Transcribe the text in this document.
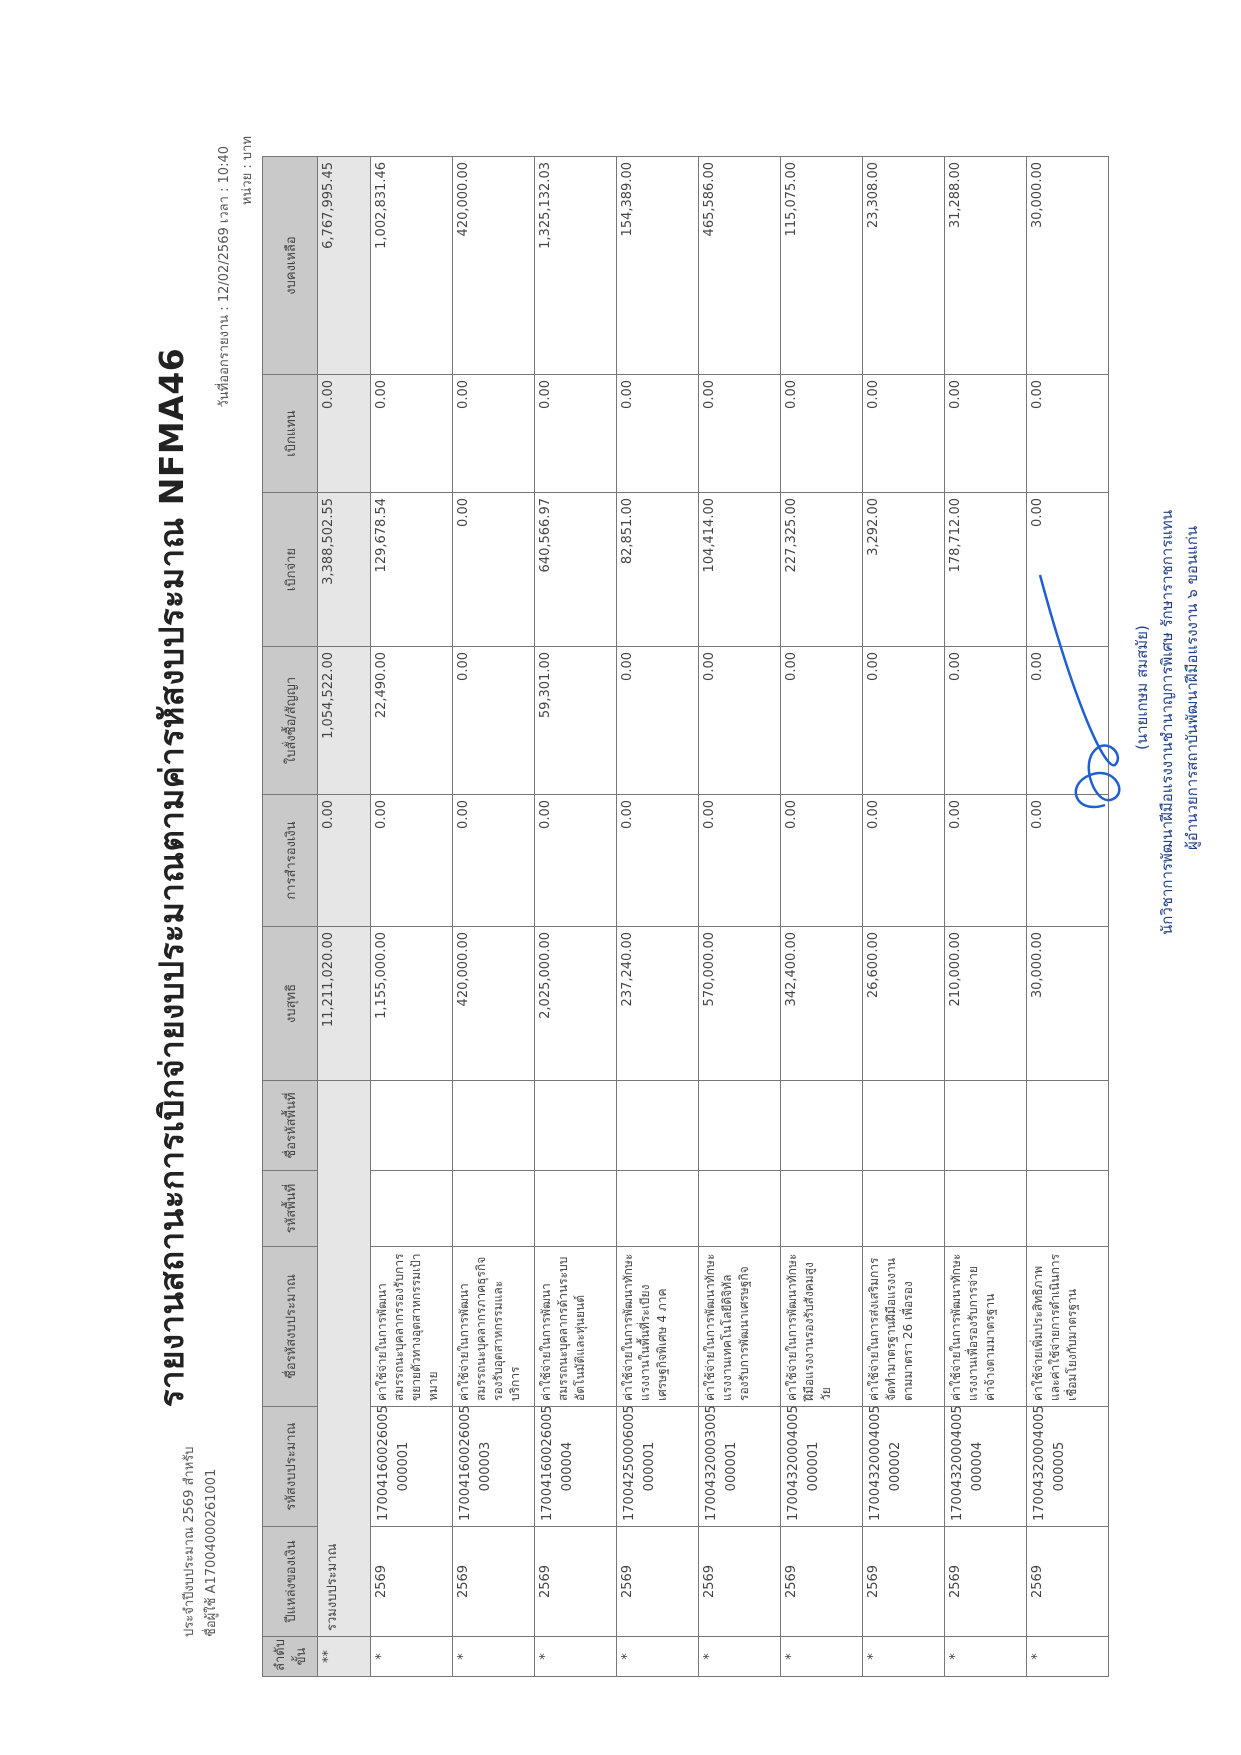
รายงานสถานะการเบิกจ่ายงบประมาณตามค่ารหัสงบประมาณ NFMA46
ประจำปีงบประมาณ 2569 สำหรับ ชื่อผู้ใช้ A17004000261001
วันที่ออกรายงาน : 12/02/2569 เวลา : 10:40 หน่วย : บาท
ลำดับขั้น	ปีแหล่งของเงิน	รหัสงบประมาณ	ชื่อรหัสงบประมาณ	รหัสพื้นที่	ชื่อรหัสพื้นที่	งบสุทธิ	การสำรองเงิน	ใบสั่งซื้อ/สัญญา	เบิกจ่าย	เบิกแทน	งบคงเหลือ
**	รวมงบประมาณ					11,211,020.00	0.00	1,054,522.00	3,388,502.55	0.00	6,767,995.45
*	2569	17004160026005 000001	ค่าใช้จ่ายในการพัฒนาสมรรถนะบุคลากรรองรับการขยายตัวทางอุตสาหกรรมเป้าหมาย			1,155,000.00	0.00	22,490.00	129,678.54	0.00	1,002,831.46
*	2569	17004160026005 000003	ค่าใช้จ่ายในการพัฒนาสมรรถนะบุคลากรภาคธุรกิจรองรับอุตสาหกรรมและบริการ			420,000.00	0.00	0.00	0.00	0.00	420,000.00
*	2569	17004160026005 000004	ค่าใช้จ่ายในการพัฒนาสมรรถนะบุคลากรด้านระบบอัตโนมัติและหุ่นยนต์			2,025,000.00	0.00	59,301.00	640,566.97	0.00	1,325,132.03
*	2569	17004250006005 000001	ค่าใช้จ่ายในการพัฒนาทักษะแรงงานในพื้นที่ระเบียงเศรษฐกิจพิเศษ 4 ภาค			237,240.00	0.00	0.00	82,851.00	0.00	154,389.00
*	2569	17004320003005 000001	ค่าใช้จ่ายในการพัฒนาทักษะแรงงานเทคโนโลยีดิจิทัลรองรับการพัฒนาเศรษฐกิจ			570,000.00	0.00	0.00	104,414.00	0.00	465,586.00
*	2569	17004320004005 000001	ค่าใช้จ่ายในการพัฒนาทักษะฝีมือแรงงานรองรับสังคมสูงวัย			342,400.00	0.00	0.00	227,325.00	0.00	115,075.00
*	2569	17004320004005 000002	ค่าใช้จ่ายในการส่งเสริมการจัดทำมาตรฐานฝีมือแรงงานตามมาตรา 26 เพื่อรอง			26,600.00	0.00	0.00	3,292.00	0.00	23,308.00
*	2569	17004320004005 000004	ค่าใช้จ่ายในการพัฒนาทักษะแรงงานเพื่อรองรับการจ่ายค่าจ้างตามมาตรฐาน			210,000.00	0.00	0.00	178,712.00	0.00	31,288.00
*	2569	17004320004005 000005	ค่าใช้จ่ายเพิ่มประสิทธิภาพและค่าใช้จ่ายการดำเนินการเชื่อมโยงกับมาตรฐาน			30,000.00	0.00	0.00	0.00	0.00	30,000.00
(นายเกษม สมสมัย) นักวิชาการพัฒนาฝีมือแรงงานชำนาญการพิเศษ รักษาราชการแทน ผู้อำนวยการสถาบันพัฒนาฝีมือแรงงาน ๖ ขอนแก่น
